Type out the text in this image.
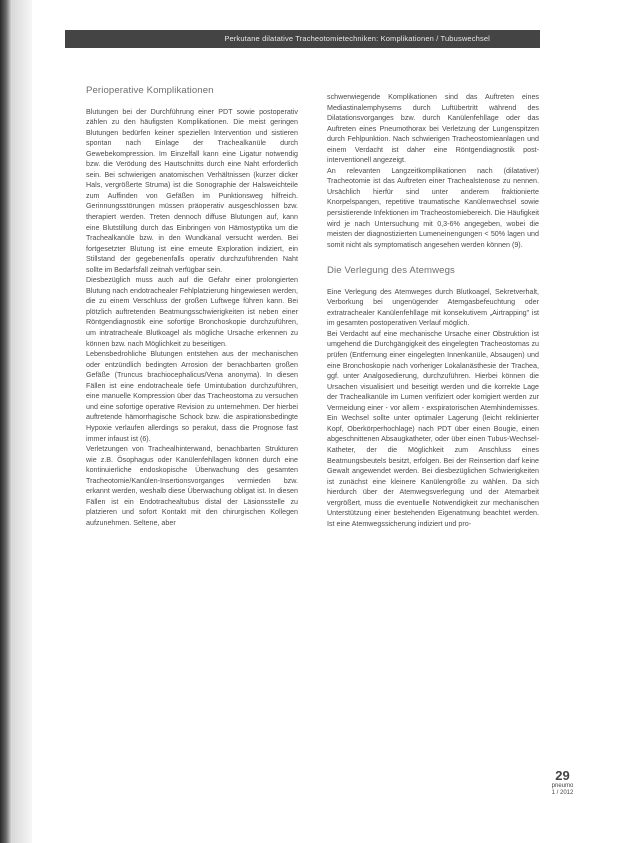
Perkutane dilatative Tracheotomietechniken: Komplikationen / Tubuswechsel
Perioperative Komplikationen

Blutungen bei der Durchführung einer PDT sowie postoperativ zählen zu den häufigsten Komplikationen. Die meist geringen Blutungen bedürfen keiner speziellen Intervention und sistieren spontan nach Einlage der Trachealkanüle durch Gewebekompression. Im Einzelfall kann eine Ligatur notwendig bzw. die Verödung des Hautschnitts durch eine Naht erforderlich sein. Bei schwierigen anatomischen Verhältnissen (kurzer dicker Hals, vergrößerte Struma) ist die Sonographie der Halsweichteile zum Auffinden von Gefäßen im Punktionsweg hilfreich. Gerinnungsstörungen müssen präoperativ ausgeschlossen bzw. therapiert werden. Treten dennoch diffuse Blutungen auf, kann eine Blutstillung durch das Einbringen von Hämostyptika um die Trachealkanüle bzw. in den Wundkanal versucht werden. Bei fortgesetzter Blutung ist eine erneute Exploration indiziert, ein Stillstand der gegebenenfalls operativ durchzuführenden Naht sollte im Bedarfsfall zeitnah verfügbar sein.

Diesbezüglich muss auch auf die Gefahr einer prolongierten Blutung nach endotrachealer Fehlplatzierung hingewiesen werden, die zu einem Verschluss der großen Luftwege führen kann. Bei plötzlich auftretenden Beatmungsschwierigkeiten ist neben einer Röntgendiagnostik eine sofortige Bronchoskopie durchzuführen, um intratracheale Blutkoagel als mögliche Ursache erkennen zu können bzw. nach Möglichkeit zu beseitigen.

Lebensbedrohliche Blutungen entstehen aus der mechanischen oder entzündlich bedingten Arrosion der benachbarten großen Gefäße (Truncus brachiocephalicus/Vena anonyma). In diesen Fällen ist eine endotracheale tiefe Umintubation durchzuführen, eine manuelle Kompression über das Tracheostoma zu versuchen und eine sofortige operative Revision zu unternehmen. Der hierbei auftretende hämorrhagische Schock bzw. die aspirationsbedingte Hypoxie verlaufen allerdings so perakut, dass die Prognose fast immer infaust ist (6).

Verletzungen von Trachealhinterwand, benachbarten Strukturen wie z.B. Ösophagus oder Kanülenfehllagen können durch eine kontinuierliche endoskopische Überwachung des gesamten Tracheotomie/Kanülen-Insertionsvorganges vermieden bzw. erkannt werden, weshalb diese Überwachung obligat ist. In diesen Fällen ist ein Endotrachealtubus distal der Läsionsstelle zu platzieren und sofort Kontakt mit den chirurgischen Kollegen aufzunehmen. Seltene, aber

schwerwiegende Komplikationen sind das Auftreten eines Mediastinalemphysems durch Luftübertritt während des Dilatationsvorganges bzw. durch Kanülenfehllage oder das Auftreten eines Pneumothorax bei Verletzung der Lungenspitzen durch Fehlpunktion. Nach schwierigen Tracheostomieanlagen und einem Verdacht ist daher eine Röntgendiagnostik post-interventionell angezeigt.

An relevanten Langzeitkomplikationen nach (dilatativer) Tracheotomie ist das Auftreten einer Trachealstenose zu nennen. Ursächlich hierfür sind unter anderem fraktionierte Knorpelspangen, repetitive traumatische Kanülenwechsel sowie persistierende Infektionen im Tracheostomiebereich. Die Häufigkeit wird je nach Untersuchung mit 0,3-6% angegeben, wobei die meisten der diagnostizierten Lumeneinengungen < 50% lagen und somit nicht als symptomatisch angesehen werden können (9).

Die Verlegung des Atemwegs

Eine Verlegung des Atemweges durch Blutkoagel, Sekretverhalt, Verborkung bei ungenügender Atemgasbefeuchtung oder extratrachealer Kanülenfehllage mit konsekutivem „Airtrapping" ist im gesamten postoperativen Verlauf möglich.

Bei Verdacht auf eine mechanische Ursache einer Obstruktion ist umgehend die Durchgängigkeit des eingelegten Tracheostomas zu prüfen (Entfernung einer eingelegten Innenkanüle, Absaugen) und eine Bronchoskopie nach vorheriger Lokalanästhesie der Trachea, ggf. unter Analgosedierung, durchzuführen. Hierbei können die Ursachen visualisiert und beseitigt werden und die korrekte Lage der Trachealkanüle im Lumen verifiziert oder korrigiert werden zur Vermeidung einer - vor allem - exspiratorischen Atemhindernisses. Ein Wechsel sollte unter optimaler Lagerung (leicht reklinierter Kopf, Oberkörperhochlage) nach PDT über einen Bougie, einen abgeschnittenen Absaugkatheter, oder über einen Tubus-Wechsel-Katheter, der die Möglichkeit zum Anschluss eines Beatmungsbeutels besitzt, erfolgen. Bei der Reinsertion darf keine Gewalt angewendet werden. Bei diesbezüglichen Schwierigkeiten ist zunächst eine kleinere Kanülengröße zu wählen. Da sich hierdurch über der Atemwegsverlegung und der Atemarbeit vergrößert, muss die eventuelle Notwendigkeit zur mechanischen Unterstützung einer bestehenden Eigenatmung beachtet werden. Ist eine Atemwegssicherung indiziert und pro-

29
pneumo
1 / 2012
